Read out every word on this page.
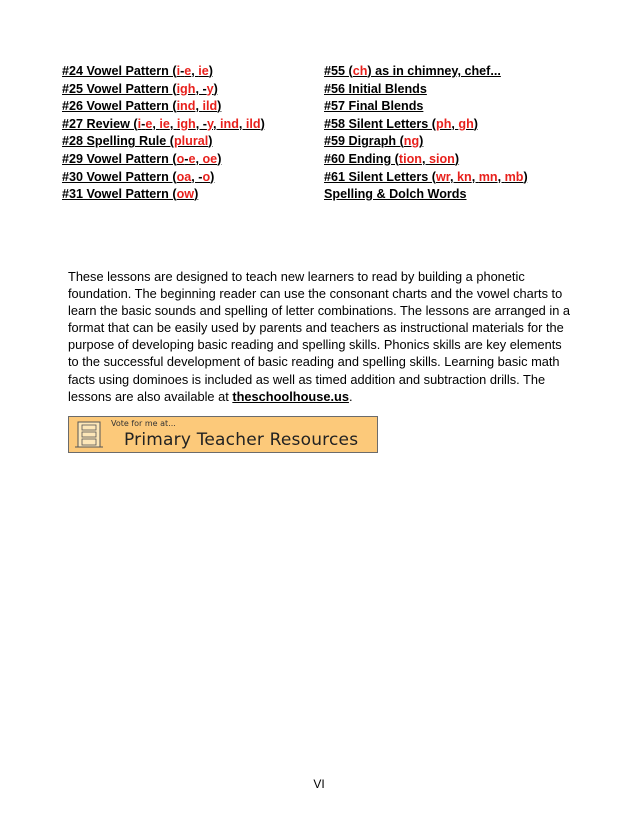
#24 Vowel Pattern (i-e, ie)
#25 Vowel Pattern (igh, -y)
#26 Vowel Pattern (ind, ild)
#27 Review (i-e, ie, igh, -y, ind, ild)
#28 Spelling Rule (plural)
#29 Vowel Pattern (o-e, oe)
#30 Vowel Pattern (oa, -o)
#31 Vowel Pattern (ow)
#55 (ch) as in chimney, chef...
#56 Initial Blends
#57 Final Blends
#58 Silent Letters (ph, gh)
#59 Digraph (ng)
#60 Ending (tion, sion)
#61 Silent Letters (wr, kn, mn, mb)
Spelling & Dolch Words
These lessons are designed to teach new learners to read by building a phonetic foundation. The beginning reader can use the consonant charts and the vowel charts to learn the basic sounds and spelling of letter combinations. The lessons are arranged in a format that can be easily used by parents and teachers as instructional materials for the purpose of developing basic reading and spelling skills. Phonics skills are key elements to the successful development of basic reading and spelling skills. Learning basic math facts using dominoes is included as well as timed addition and subtraction drills. The lessons are also available at theschoolhouse.us.
Vote for me at...
Primary Teacher Resources
VI
